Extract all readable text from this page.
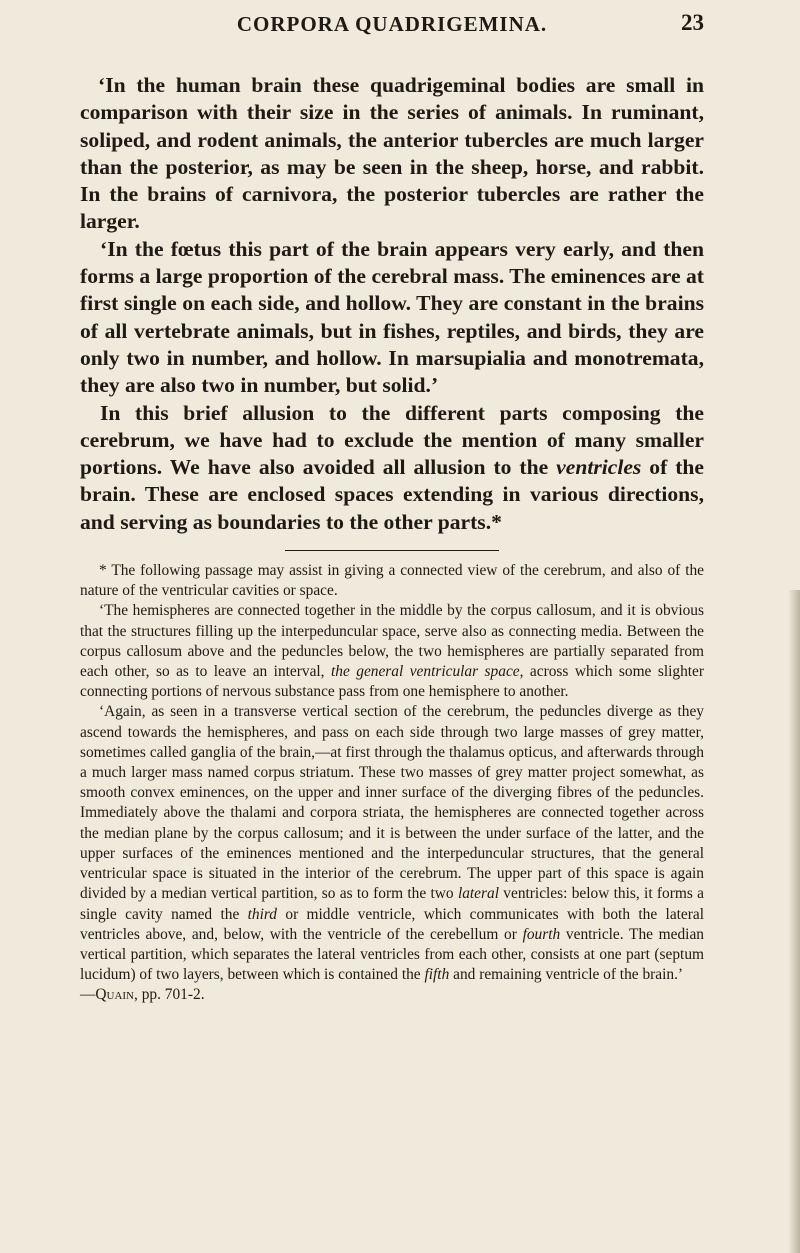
CORPORA QUADRIGEMINA.	23

‘In the human brain these quadrigeminal bodies are small in comparison with their size in the series of animals. In ruminant, soliped, and rodent animals, the anterior tubercles are much larger than the posterior, as may be seen in the sheep, horse, and rabbit. In the brains of carnivora, the posterior tubercles are rather the larger.

‘In the fœtus this part of the brain appears very early, and then forms a large proportion of the cerebral mass. The eminences are at first single on each side, and hollow. They are constant in the brains of all vertebrate animals, but in fishes, reptiles, and birds, they are only two in number, and hollow. In marsupialia and monotremata, they are also two in number, but solid.’

In this brief allusion to the different parts composing the cerebrum, we have had to exclude the mention of many smaller portions. We have also avoided all allusion to the ventricles of the brain. These are enclosed spaces extending in various directions, and serving as boundaries to the other parts.*

* The following passage may assist in giving a connected view of the cerebrum, and also of the nature of the ventricular cavities or space.

‘The hemispheres are connected together in the middle by the corpus callosum, and it is obvious that the structures filling up the interpeduncular space, serve also as connecting media. Between the corpus callosum above and the peduncles below, the two hemispheres are partially separated from each other, so as to leave an interval, the general ventricular space, across which some slighter connecting portions of nervous substance pass from one hemisphere to another.

‘Again, as seen in a transverse vertical section of the cerebrum, the peduncles diverge as they ascend towards the hemispheres, and pass on each side through two large masses of grey matter, sometimes called ganglia of the brain,—at first through the thalamus opticus, and afterwards through a much larger mass named corpus striatum. These two masses of grey matter project somewhat, as smooth convex eminences, on the upper and inner surface of the diverging fibres of the peduncles. Immediately above the thalami and corpora striata, the hemispheres are connected together across the median plane by the corpus callosum; and it is between the under surface of the latter, and the upper surfaces of the eminences mentioned and the interpeduncular structures, that the general ventricular space is situated in the interior of the cerebrum. The upper part of this space is again divided by a median vertical partition, so as to form the two lateral ventricles: below this, it forms a single cavity named the third or middle ventricle, which communicates with both the lateral ventricles above, and, below, with the ventricle of the cerebellum or fourth ventricle. The median vertical partition, which separates the lateral ventricles from each other, consists at one part (septum lucidum) of two layers, between which is contained the fifth and remaining ventricle of the brain.’

—Quain, pp. 701-2.
